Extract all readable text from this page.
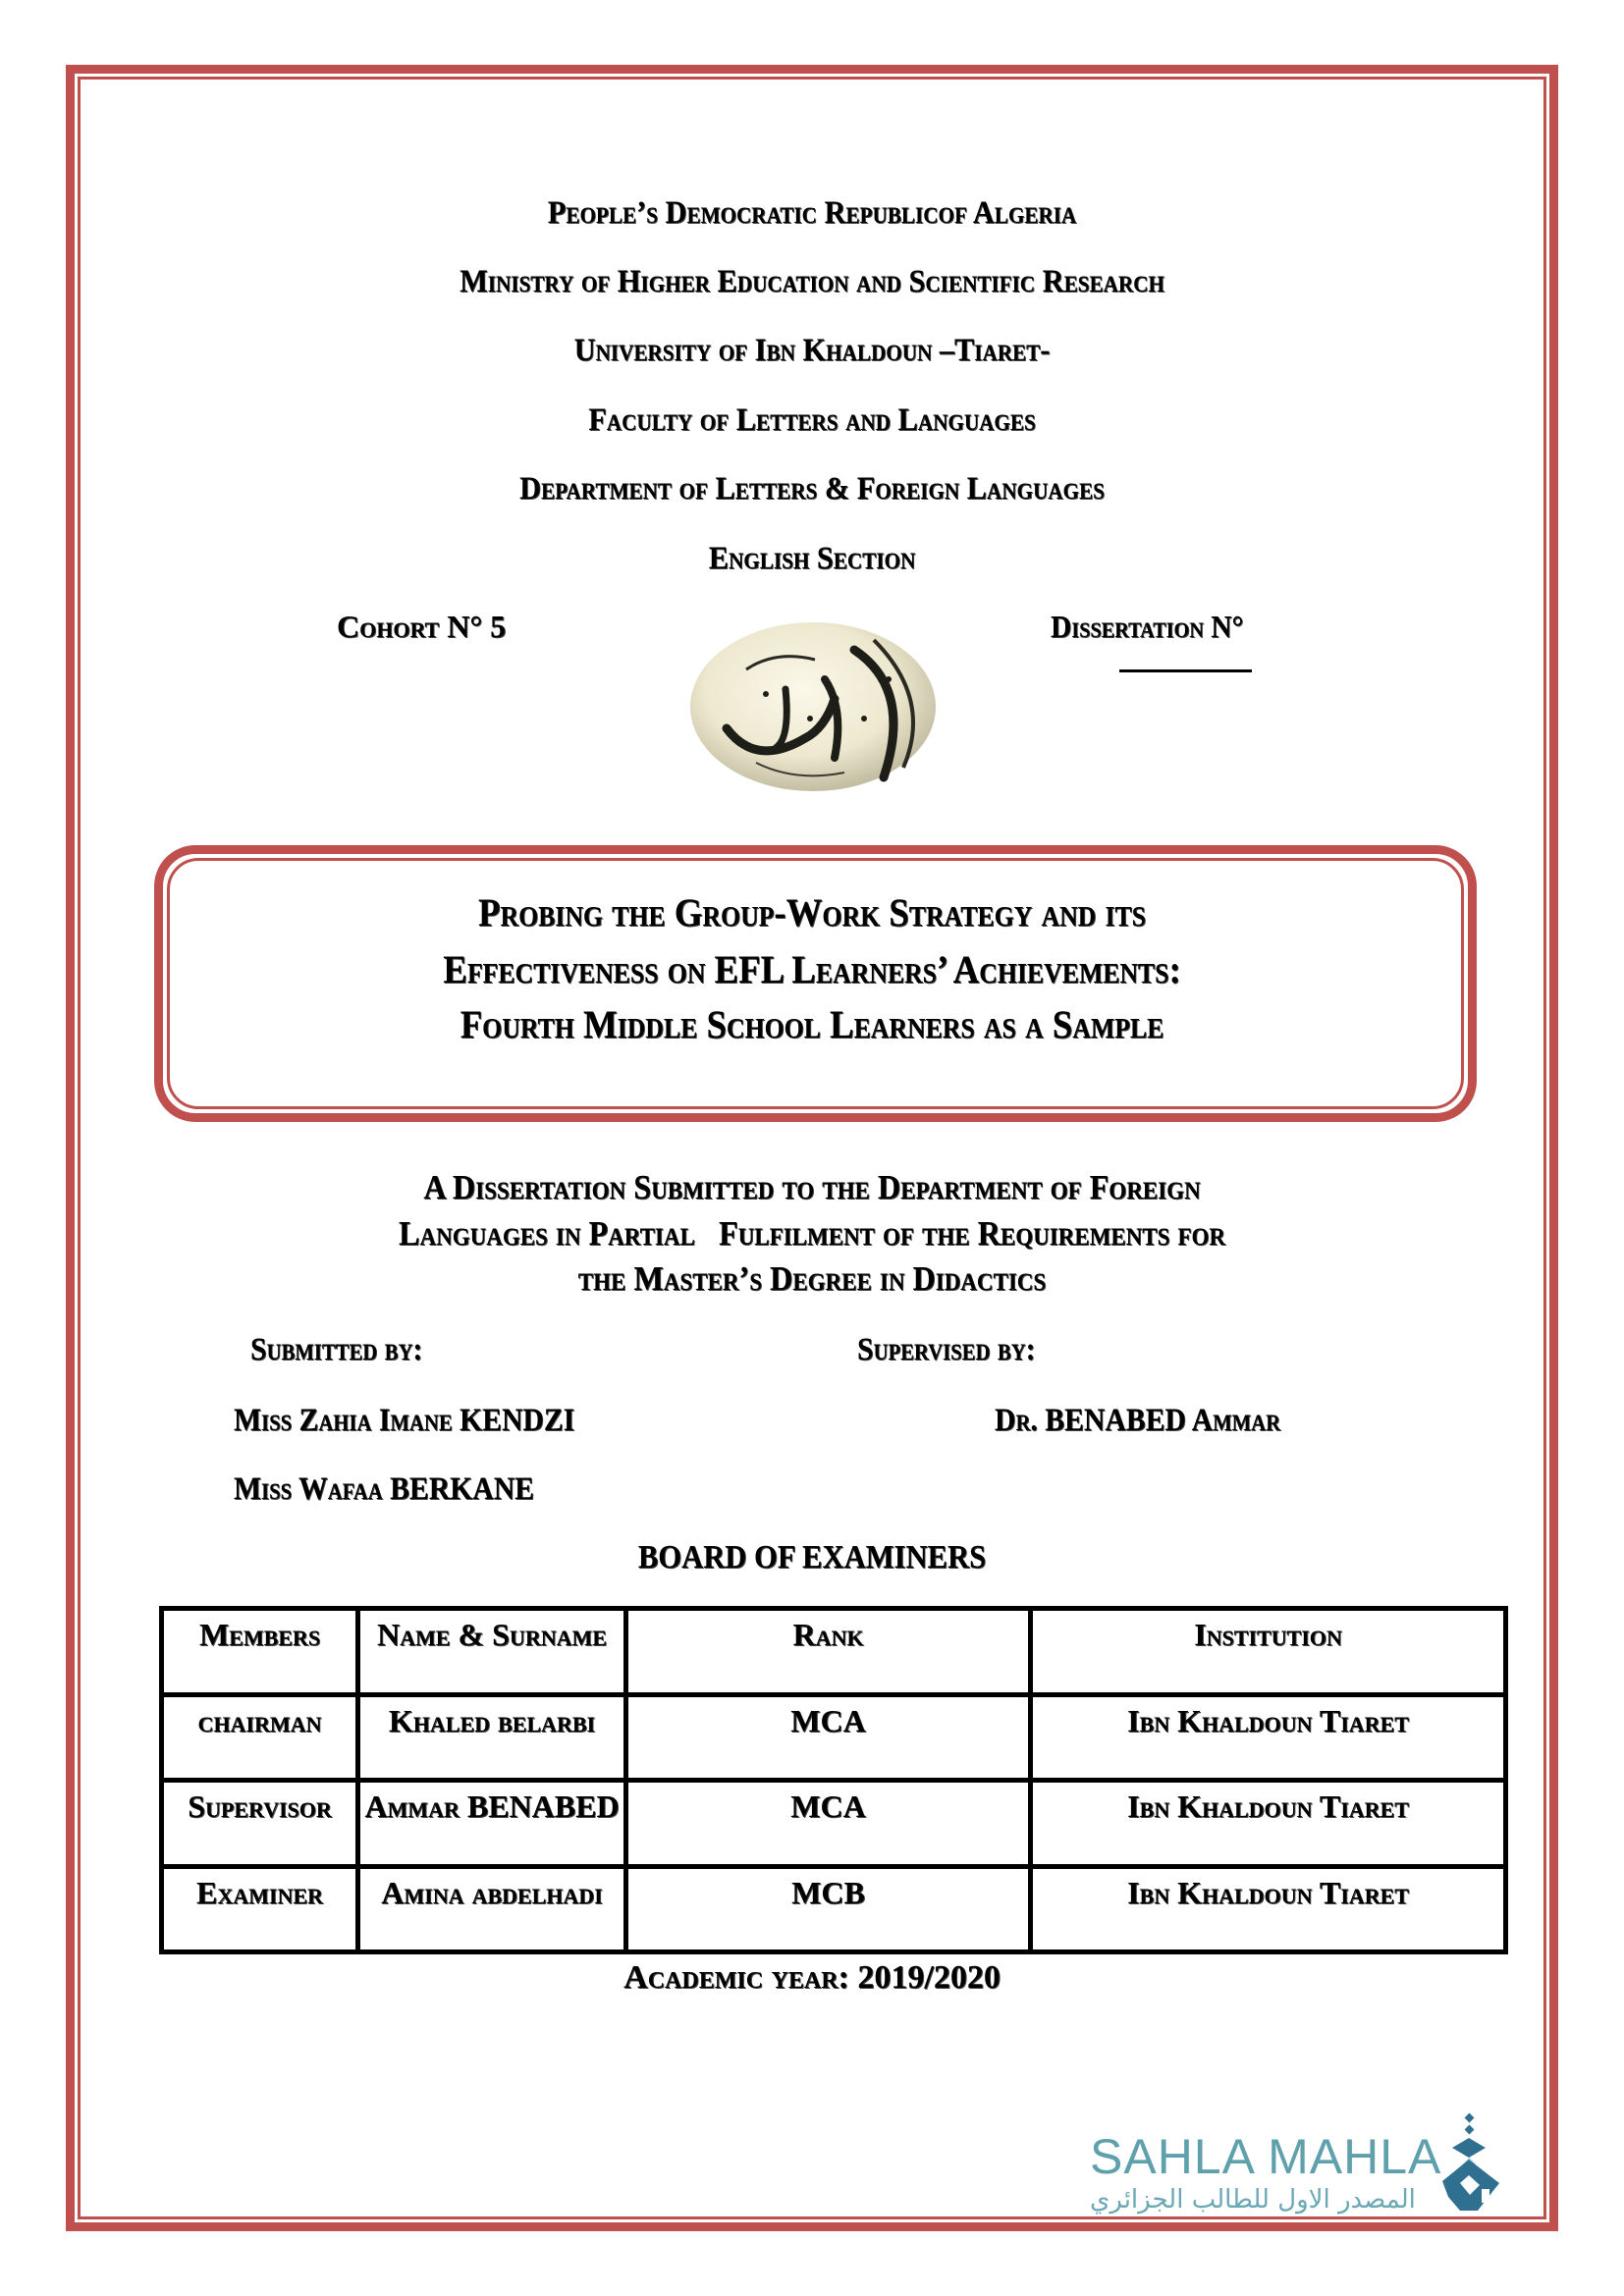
People’s Democratic Republicof Algeria
Ministry of Higher Education and Scientific Research
University of Ibn Khaldoun –Tiaret-
Faculty of Letters and Languages
Department of Letters & Foreign Languages
English Section
Cohort N° 5	Dissertation N°
Probing the Group-Work Strategy and its
Effectiveness on EFL Learners’ Achievements:
Fourth Middle School Learners as a Sample
A Dissertation Submitted to the Department of Foreign
Languages in Partial   Fulfilment of the Requirements for
the Master’s Degree in Didactics
Submitted by:	Supervised by:
Miss Zahia Imane KENDZI	Dr. BENABED Ammar
Miss Wafaa BERKANE
BOARD OF EXAMINERS
Members	Name & Surname	Rank	Institution
chairman	Khaled belarbi	MCA	Ibn Khaldoun Tiaret
Supervisor	Ammar BENABED	MCA	Ibn Khaldoun Tiaret
Examiner	Amina abdelhadi	MCB	Ibn Khaldoun Tiaret
Academic year: 2019/2020
SAHLA MAHLA
المصدر الاول للطالب الجزائري
